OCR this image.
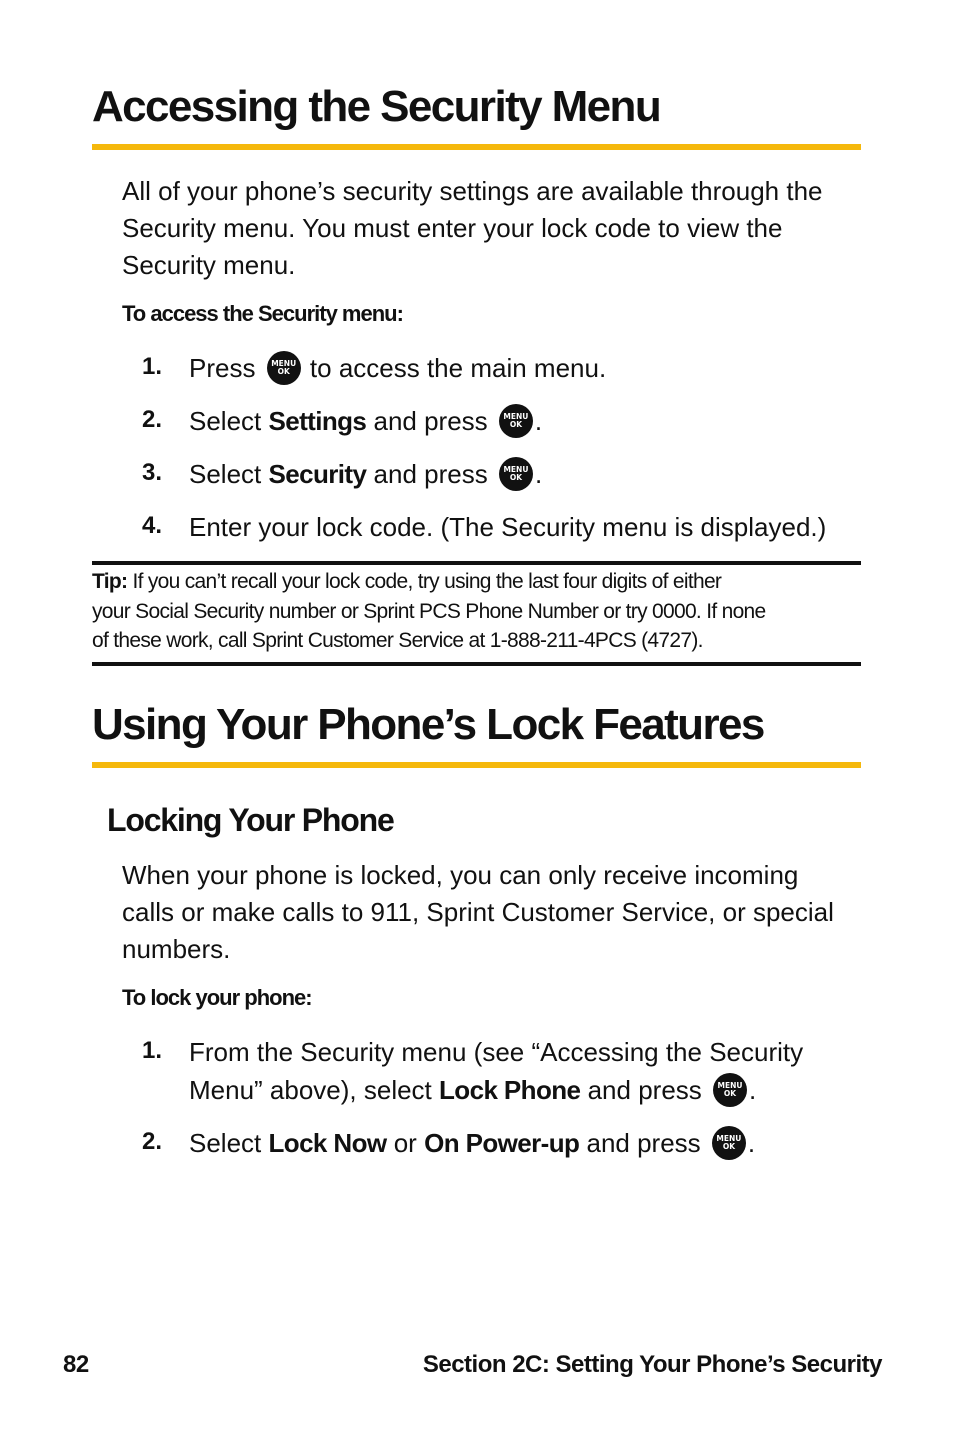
Accessing the Security Menu
All of your phone’s security settings are available through the
Security menu. You must enter your lock code to view the
Security menu.
To access the Security menu:
1. Press	MENU
OK to access the main menu.
2. Select Settings and press	MENU
OK .
3. Select Security and press	MENU
OK .
4. Enter your lock code. (The Security menu is displayed.)
Tip: If you can’t recall your lock code, try using the last four digits of either
your Social Security number or Sprint PCS Phone Number or try 0000. If none
of these work, call Sprint Customer Service at 1-888-211-4PCS (4727).
Using Your Phone’s Lock Features
Locking Your Phone
When your phone is locked, you can only receive incoming
calls or make calls to 911, Sprint Customer Service, or special
numbers.
To lock your phone:
1. From the Security menu (see “Accessing the Security
Menu” above), select Lock Phone and press	MENU
OK .
2. Select Lock Now or On Power-up and press	MENU
OK .
82	Section 2C: Setting Your Phone’s Security
